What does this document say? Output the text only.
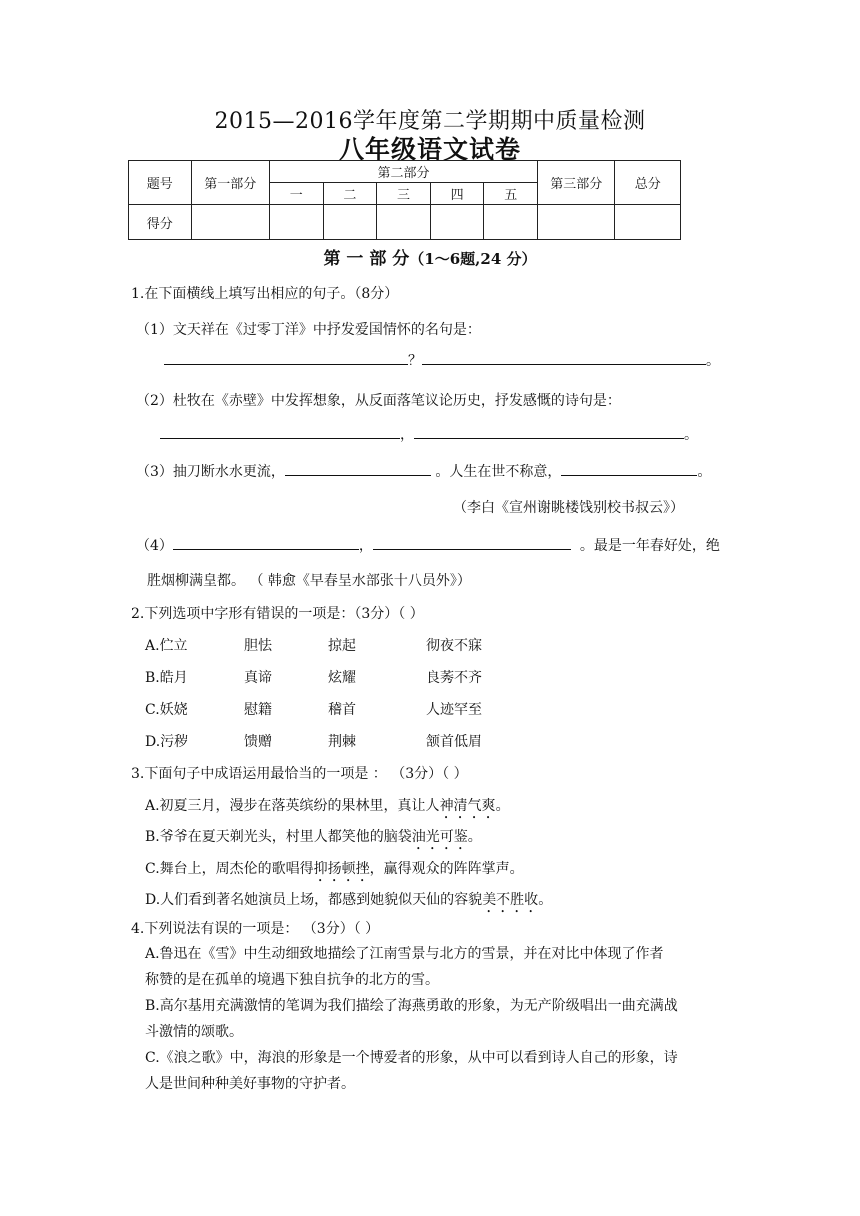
2015—2016学年度第二学期期中质量检测
八年级语文试卷
题号	第一部分	第二部分					第三部分	总分
		一	二	三	四	五		
得分								
第 一 部 分（1～6题,24 分）
1.在下面横线上填写出相应的句子。（8分）
（1）文天祥在《过零丁洋》中抒发爱国情怀的名句是：
？	。
（2）杜牧在《赤壁》中发挥想象，从反面落笔议论历史，抒发感慨的诗句是：
，	。
（3）抽刀断水水更流，	。人生在世不称意，	。
（李白《宣州谢眺楼饯别校书叔云》）
（4）	，	。最是一年春好处，绝
胜烟柳满皇都。 （ 韩愈《早春呈水部张十八员外》）
2.下列选项中字形有错误的一项是：（3分）（ ）
A.伫立	胆怯	掠起	彻夜不寐
B.皓月	真谛	炫耀	良莠不齐
C.妖娆	慰籍	稽首	人迹罕至
D.污秽	馈赠	荆棘	颔首低眉
3.下面句子中成语运用最恰当的一项是 ： （3分）（ ）
A.初夏三月，漫步在落英缤纷的果林里，真让人神清气爽。
B.爷爷在夏天剃光头，村里人都笑他的脑袋油光可鉴。
C.舞台上，周杰伦的歌唱得抑扬顿挫，赢得观众的阵阵掌声。
D.人们看到著名她演员上场，都感到她貌似天仙的容貌美不胜收。
4.下列说法有误的一项是： （3分）（ ）
A.鲁迅在《雪》中生动细致地描绘了江南雪景与北方的雪景，并在对比中体现了作者
称赞的是在孤单的境遇下独自抗争的北方的雪。
B.高尔基用充满激情的笔调为我们描绘了海燕勇敢的形象，为无产阶级唱出一曲充满战
斗激情的颂歌。
C.《浪之歌》中，海浪的形象是一个博爱者的形象，从中可以看到诗人自己的形象，诗
人是世间种种美好事物的守护者。
